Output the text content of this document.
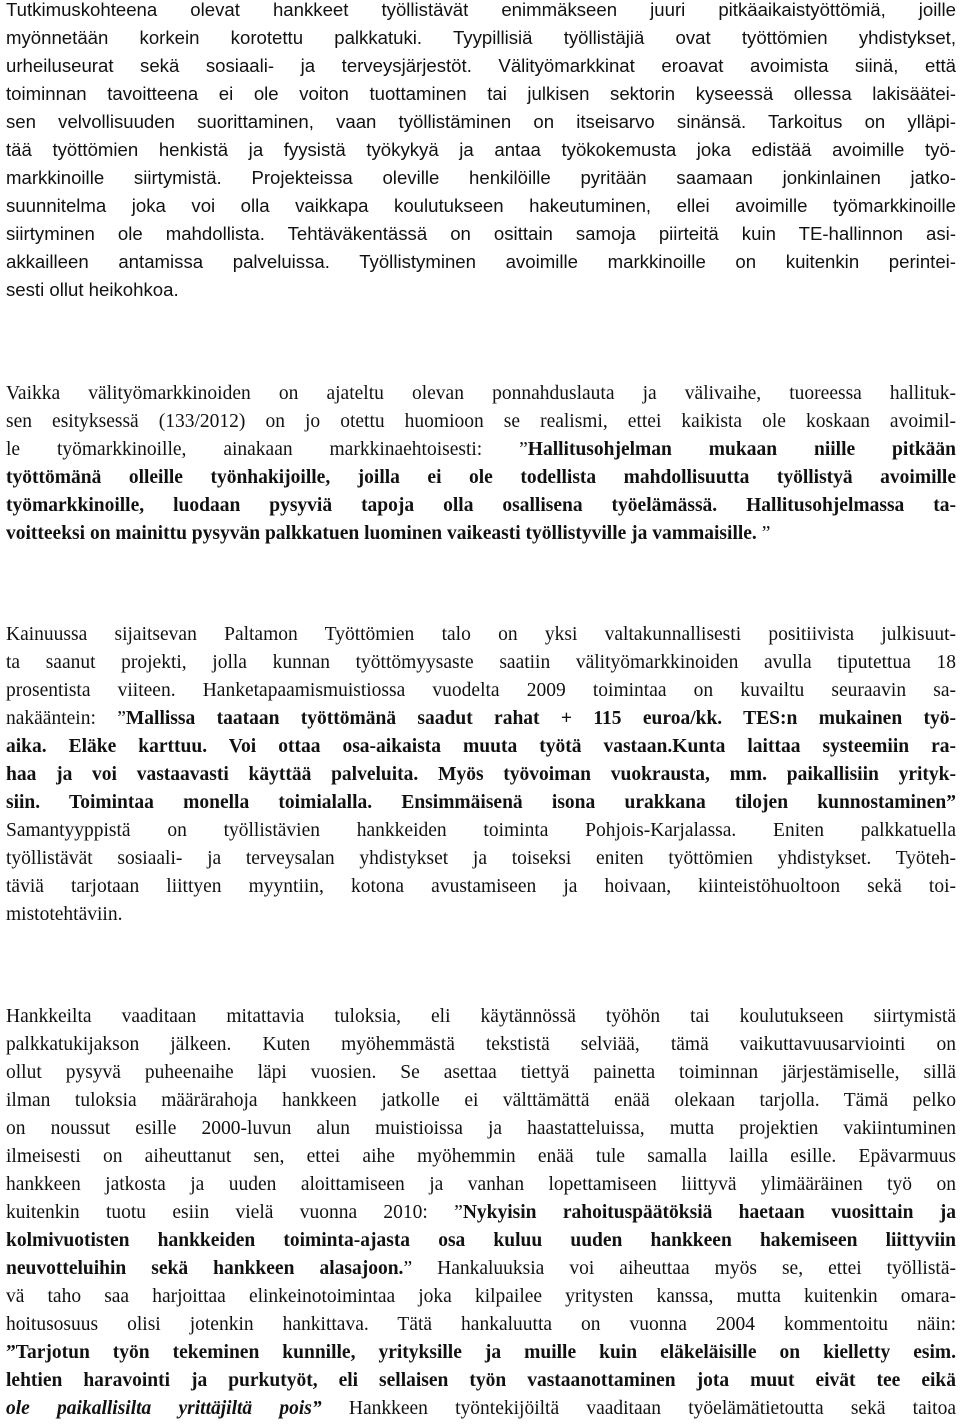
Tutkimuskohteena olevat hankkeet työllistävät enimmäkseen juuri pitkäaikaistyöttömiä, joille
myönnetään korkein korotettu palkkatuki. Tyypillisiä työllistäjiä ovat työttömien yhdistykset,
urheiluseurat sekä sosiaali- ja terveysjärjestöt. Välityömarkkinat eroavat avoimista siinä, että
toiminnan tavoitteena ei ole voiton tuottaminen tai julkisen sektorin kyseessä ollessa lakisäätei-
sen velvollisuuden suorittaminen, vaan työllistäminen on itseisarvo sinänsä. Tarkoitus on ylläpi-
tää työttömien henkistä ja fyysistä työkykyä ja antaa työkokemusta joka edistää avoimille työ-
markkinoille siirtymistä. Projekteissa oleville henkilöille pyritään saamaan jonkinlainen jatko-
suunnitelma joka voi olla vaikkapa koulutukseen hakeutuminen, ellei avoimille työmarkkinoille
siirtyminen ole mahdollista. Tehtäväkentässä on osittain samoja piirteitä kuin TE-hallinnon asi-
akkailleen antamissa palveluissa. Työllistyminen avoimille markkinoille on kuitenkin perintei-
sesti ollut heikohkoa.
Vaikka välityömarkkinoiden on ajateltu olevan ponnahduslauta ja välivaihe, tuoreessa hallituk-
sen esityksessä (133/2012) on jo otettu huomioon se realismi, ettei kaikista ole koskaan avoimil-
le työmarkkinoille, ainakaan markkinaehtoisesti: ”Hallitusohjelman mukaan niille pitkään
työttömänä olleille työnhakijoille, joilla ei ole todellista mahdollisuutta työllistyä avoimille
työmarkkinoille, luodaan pysyviä tapoja olla osallisena työelämässä. Hallitusohjelmassa ta-
voitteeksi on mainittu pysyvän palkkatuen luominen vaikeasti työllistyville ja vammaisille. ”
Kainuussa sijaitsevan Paltamon Työttömien talo on yksi valtakunnallisesti positiivista julkisuut-
ta saanut projekti, jolla kunnan työttömyysaste saatiin välityömarkkinoiden avulla tiputettua 18
prosentista viiteen. Hanketapaamismuistiossa vuodelta 2009 toimintaa on kuvailtu seuraavin sa-
nakääntein: ”Mallissa taataan työttömänä saadut rahat + 115 euroa/kk. TES:n mukainen työ-
aika. Eläke karttuu. Voi ottaa osa-aikaista muuta työtä vastaan.Kunta laittaa systeemiin ra-
haa ja voi vastaavasti käyttää palveluita. Myös työvoiman vuokrausta, mm. paikallisiin yrityk-
siin. Toimintaa monella toimialalla. Ensimmäisenä isona urakkana tilojen kunnostaminen”
Samantyyppistä on työllistävien hankkeiden toiminta Pohjois-Karjalassa. Eniten palkkatuella
työllistävät sosiaali- ja terveysalan yhdistykset ja toiseksi eniten työttömien yhdistykset. Työteh-
täviä tarjotaan liittyen myyntiin, kotona avustamiseen ja hoivaan, kiinteistöhuoltoon sekä toi-
mistotehtäviin.
Hankkeilta vaaditaan mitattavia tuloksia, eli käytännössä työhön tai koulutukseen siirtymistä
palkkatukijakson jälkeen. Kuten myöhemmästä tekstistä selviää, tämä vaikuttavuusarviointi on
ollut pysyvä puheenaihe läpi vuosien. Se asettaa tiettyä painetta toiminnan järjestämiselle, sillä
ilman tuloksia määrärahoja hankkeen jatkolle ei välttämättä enää olekaan tarjolla. Tämä pelko
on noussut esille 2000-luvun alun muistioissa ja haastatteluissa, mutta projektien vakiintuminen
ilmeisesti on aiheuttanut sen, ettei aihe myöhemmin enää tule samalla lailla esille. Epävarmuus
hankkeen jatkosta ja uuden aloittamiseen ja vanhan lopettamiseen liittyvä ylimääräinen työ on
kuitenkin tuotu esiin vielä vuonna 2010: ”Nykyisin rahoituspäätöksiä haetaan vuosittain ja
kolmivuotisten hankkeiden toiminta-ajasta osa kuluu uuden hankkeen hakemiseen liittyviin
neuvotteluihin sekä hankkeen alasajoon.” Hankaluuksia voi aiheuttaa myös se, ettei työllistä-
vä taho saa harjoittaa elinkeinotoimintaa joka kilpailee yritysten kanssa, mutta kuitenkin omara-
hoitusosuus olisi jotenkin hankittava. Tätä hankaluutta on vuonna 2004 kommentoitu näin:
”Tarjotun työn tekeminen kunnille, yrityksille ja muille kuin eläkeläisille on kielletty esim.
lehtien haravointi ja purkutyöt, eli sellaisen työn vastaanottaminen jota muut eivät tee eikä
ole paikallisilta yrittäjiltä pois” Hankkeen työntekijöiltä vaaditaan työelämätietoutta sekä taitoa
